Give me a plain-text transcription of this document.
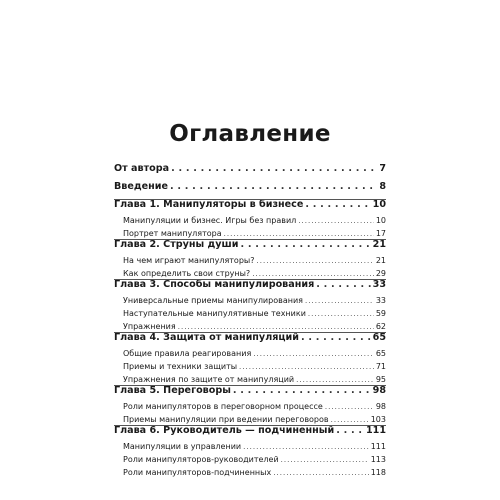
Оглавление
От автора . . .	7
Введение . . .	8
Глава 1. Манипуляторы в бизнесе . . .	10
Манипуляции и бизнес. Игры без правил . . .	10
Портрет манипулятора . . .	17
Глава 2. Струны души . . .	21
На чем играют манипуляторы? . . .	21
Как определить свои струны? . . .	29
Глава 3. Способы манипулирования . . .	33
Универсальные приемы манипулирования . . .	33
Наступательные манипулятивные техники . . .	59
Упражнения . . .	62
Глава 4. Защита от манипуляций . . .	65
Общие правила реагирования . . .	65
Приемы и техники защиты . . .	71
Упражнения по защите от манипуляций . . .	95
Глава 5. Переговоры . . .	98
Роли манипуляторов в переговорном процессе . . .	98
Приемы манипуляции при ведении переговоров . . .	103
Глава 6. Руководитель — подчиненный . . .	111
Манипуляции в управлении . . .	111
Роли манипуляторов-руководителей . . .	113
Роли манипуляторов-подчиненных . . .	118
